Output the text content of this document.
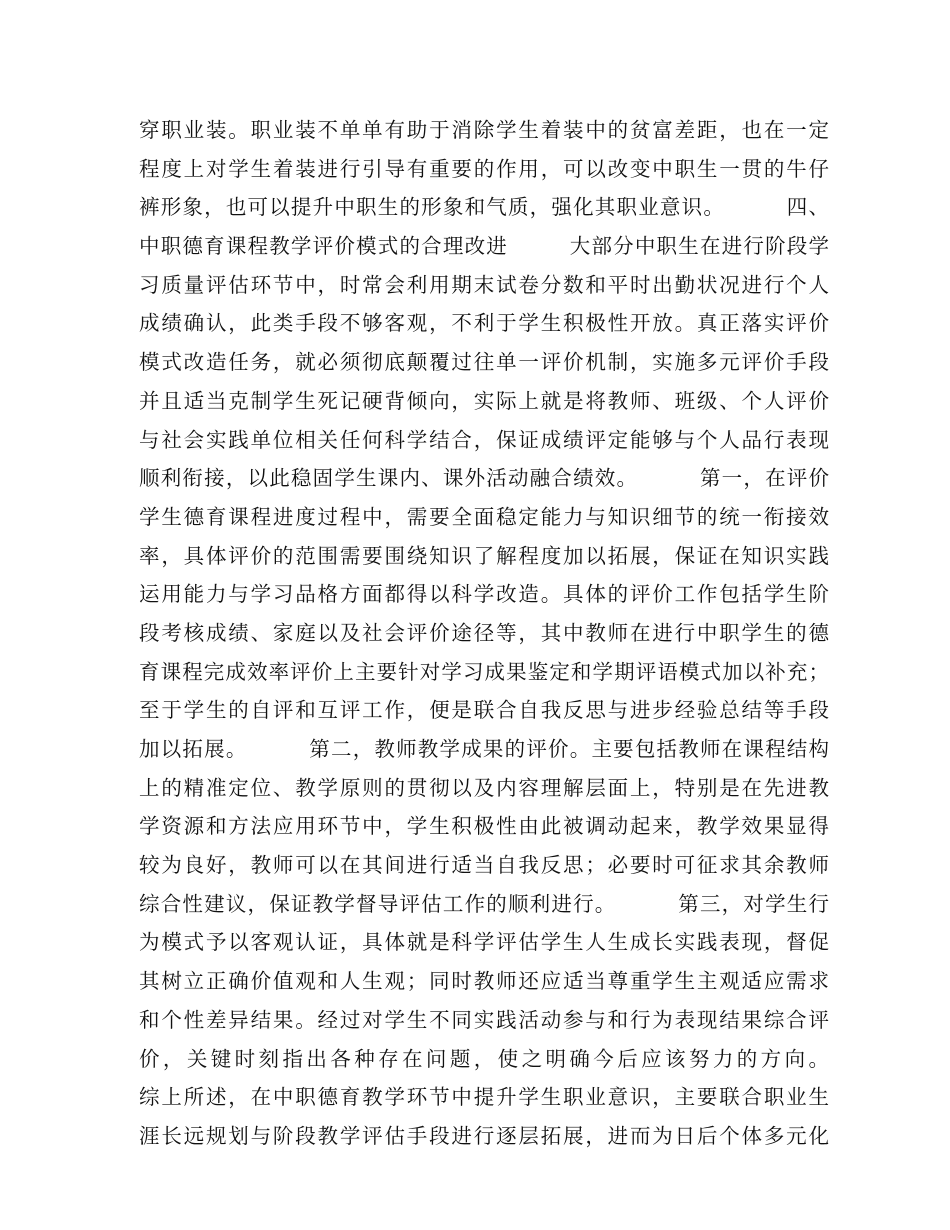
穿职业装。职业装不单单有助于消除学生着装中的贫富差距，也在一定
程度上对学生着装进行引导有重要的作用，可以改变中职生一贯的牛仔
裤形象，也可以提升中职生的形象和气质，强化其职业意识。        四、
中职德育课程教学评价模式的合理改进        大部分中职生在进行阶段学
习质量评估环节中，时常会利用期末试卷分数和平时出勤状况进行个人
成绩确认，此类手段不够客观，不利于学生积极性开放。真正落实评价
模式改造任务，就必须彻底颠覆过往单一评价机制，实施多元评价手段
并且适当克制学生死记硬背倾向，实际上就是将教师、班级、个人评价
与社会实践单位相关任何科学结合，保证成绩评定能够与个人品行表现
顺利衔接，以此稳固学生课内、课外活动融合绩效。        第一，在评价
学生德育课程进度过程中，需要全面稳定能力与知识细节的统一衔接效
率，具体评价的范围需要围绕知识了解程度加以拓展，保证在知识实践
运用能力与学习品格方面都得以科学改造。具体的评价工作包括学生阶
段考核成绩、家庭以及社会评价途径等，其中教师在进行中职学生的德
育课程完成效率评价上主要针对学习成果鉴定和学期评语模式加以补充；
至于学生的自评和互评工作，便是联合自我反思与进步经验总结等手段
加以拓展。        第二，教师教学成果的评价。主要包括教师在课程结构
上的精准定位、教学原则的贯彻以及内容理解层面上，特别是在先进教
学资源和方法应用环节中，学生积极性由此被调动起来，教学效果显得
较为良好，教师可以在其间进行适当自我反思；必要时可征求其余教师
综合性建议，保证教学督导评估工作的顺利进行。        第三，对学生行
为模式予以客观认证，具体就是科学评估学生人生成长实践表现，督促
其树立正确价值观和人生观；同时教师还应适当尊重学生主观适应需求
和个性差异结果。经过对学生不同实践活动参与和行为表现结果综合评
价，关键时刻指出各种存在问题，使之明确今后应该努力的方向。
综上所述，在中职德育教学环节中提升学生职业意识，主要联合职业生
涯长远规划与阶段教学评估手段进行逐层拓展，进而为日后个体多元化
